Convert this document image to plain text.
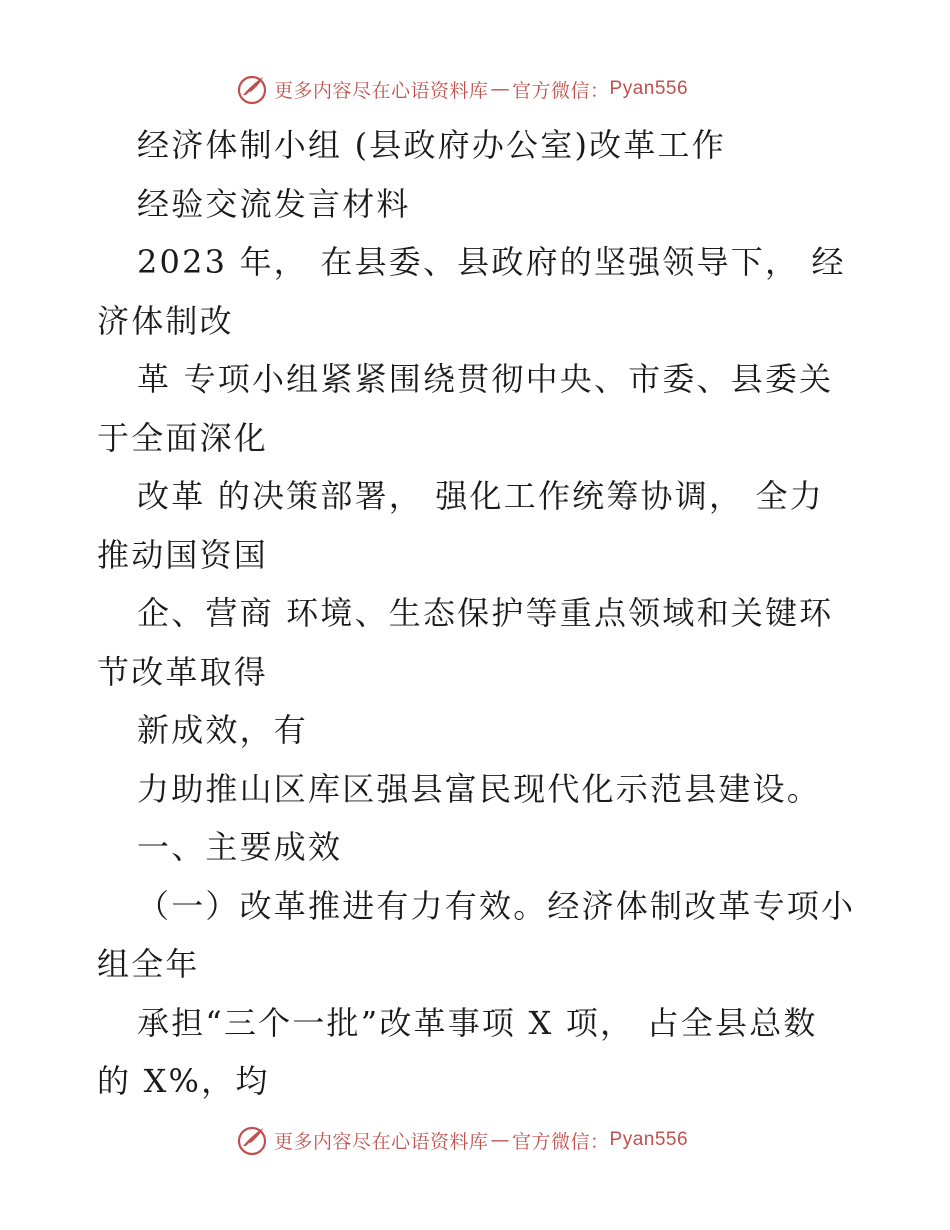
更多内容尽在心语资料库 — 官方微信： Pyan556
经济体制小组 (县政府办公室)改革工作
经验交流发言材料
2023 年， 在县委、县政府的坚强领导下， 经
济体制改
革 专项小组紧紧围绕贯彻中央、市委、县委关
于全面深化
改革 的决策部署， 强化工作统筹协调， 全力
推动国资国
企、营商 环境、生态保护等重点领域和关键环
节改革取得
新成效，有
力助推山区库区强县富民现代化示范县建设。
一、主要成效
（一）改革推进有力有效。经济体制改革专项小
组全年
承担“三个一批”改革事项 X 项， 占全县总数
的 X%，均
更多内容尽在心语资料库 — 官方微信： Pyan556
